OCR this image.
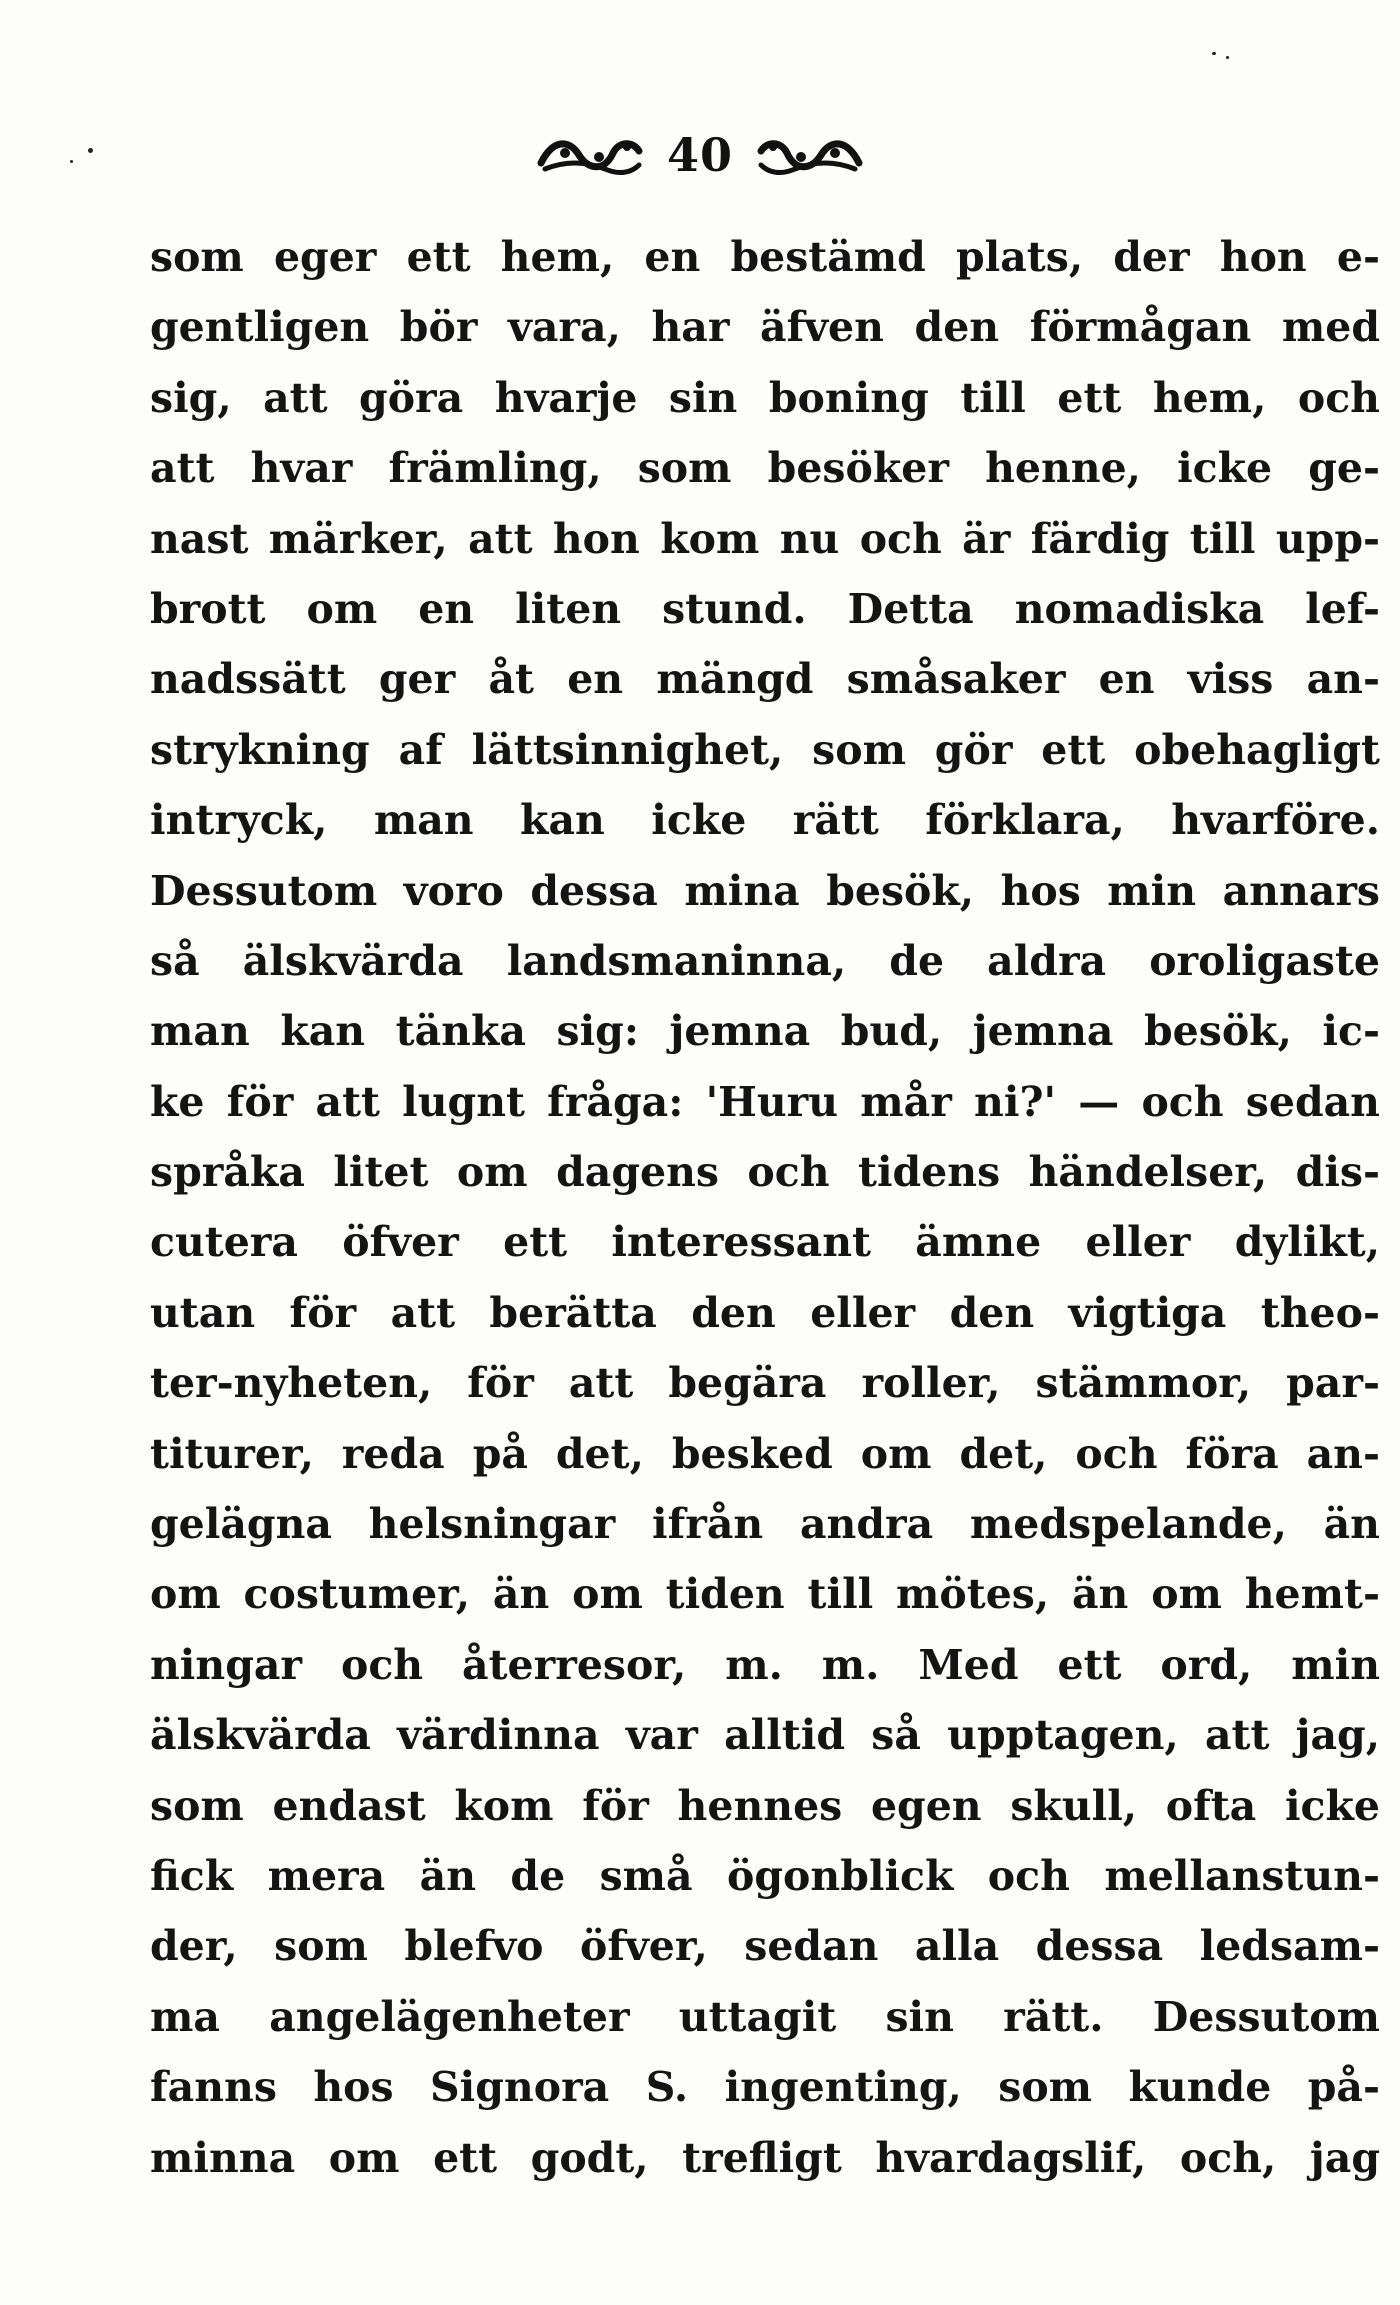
40
som eger ett hem, en bestämd plats, der hon e-
gentligen bör vara, har äfven den förmågan med
sig, att göra hvarje sin boning till ett hem, och
att hvar främling, som besöker henne, icke ge-
nast märker, att hon kom nu och är färdig till upp-
brott om en liten stund. Detta nomadiska lef-
nadssätt ger åt en mängd småsaker en viss an-
strykning af lättsinnighet, som gör ett obehagligt
intryck, man kan icke rätt förklara, hvarföre.
Dessutom voro dessa mina besök, hos min annars
så älskvärda landsmaninna, de aldra oroligaste
man kan tänka sig: jemna bud, jemna besök, ic-
ke för att lugnt fråga: 'Huru mår ni?' — och sedan
språka litet om dagens och tidens händelser, dis-
cutera öfver ett interessant ämne eller dylikt,
utan för att berätta den eller den vigtiga theo-
ter-nyheten, för att begära roller, stämmor, par-
titurer, reda på det, besked om det, och föra an-
gelägna helsningar ifrån andra medspelande, än
om costumer, än om tiden till mötes, än om hemt-
ningar och återresor, m. m. Med ett ord, min
älskvärda värdinna var alltid så upptagen, att jag,
som endast kom för hennes egen skull, ofta icke
fick mera än de små ögonblick och mellanstun-
der, som blefvo öfver, sedan alla dessa ledsam-
ma angelägenheter uttagit sin rätt. Dessutom
fanns hos Signora S. ingenting, som kunde på-
minna om ett godt, trefligt hvardagslif, och, jag
